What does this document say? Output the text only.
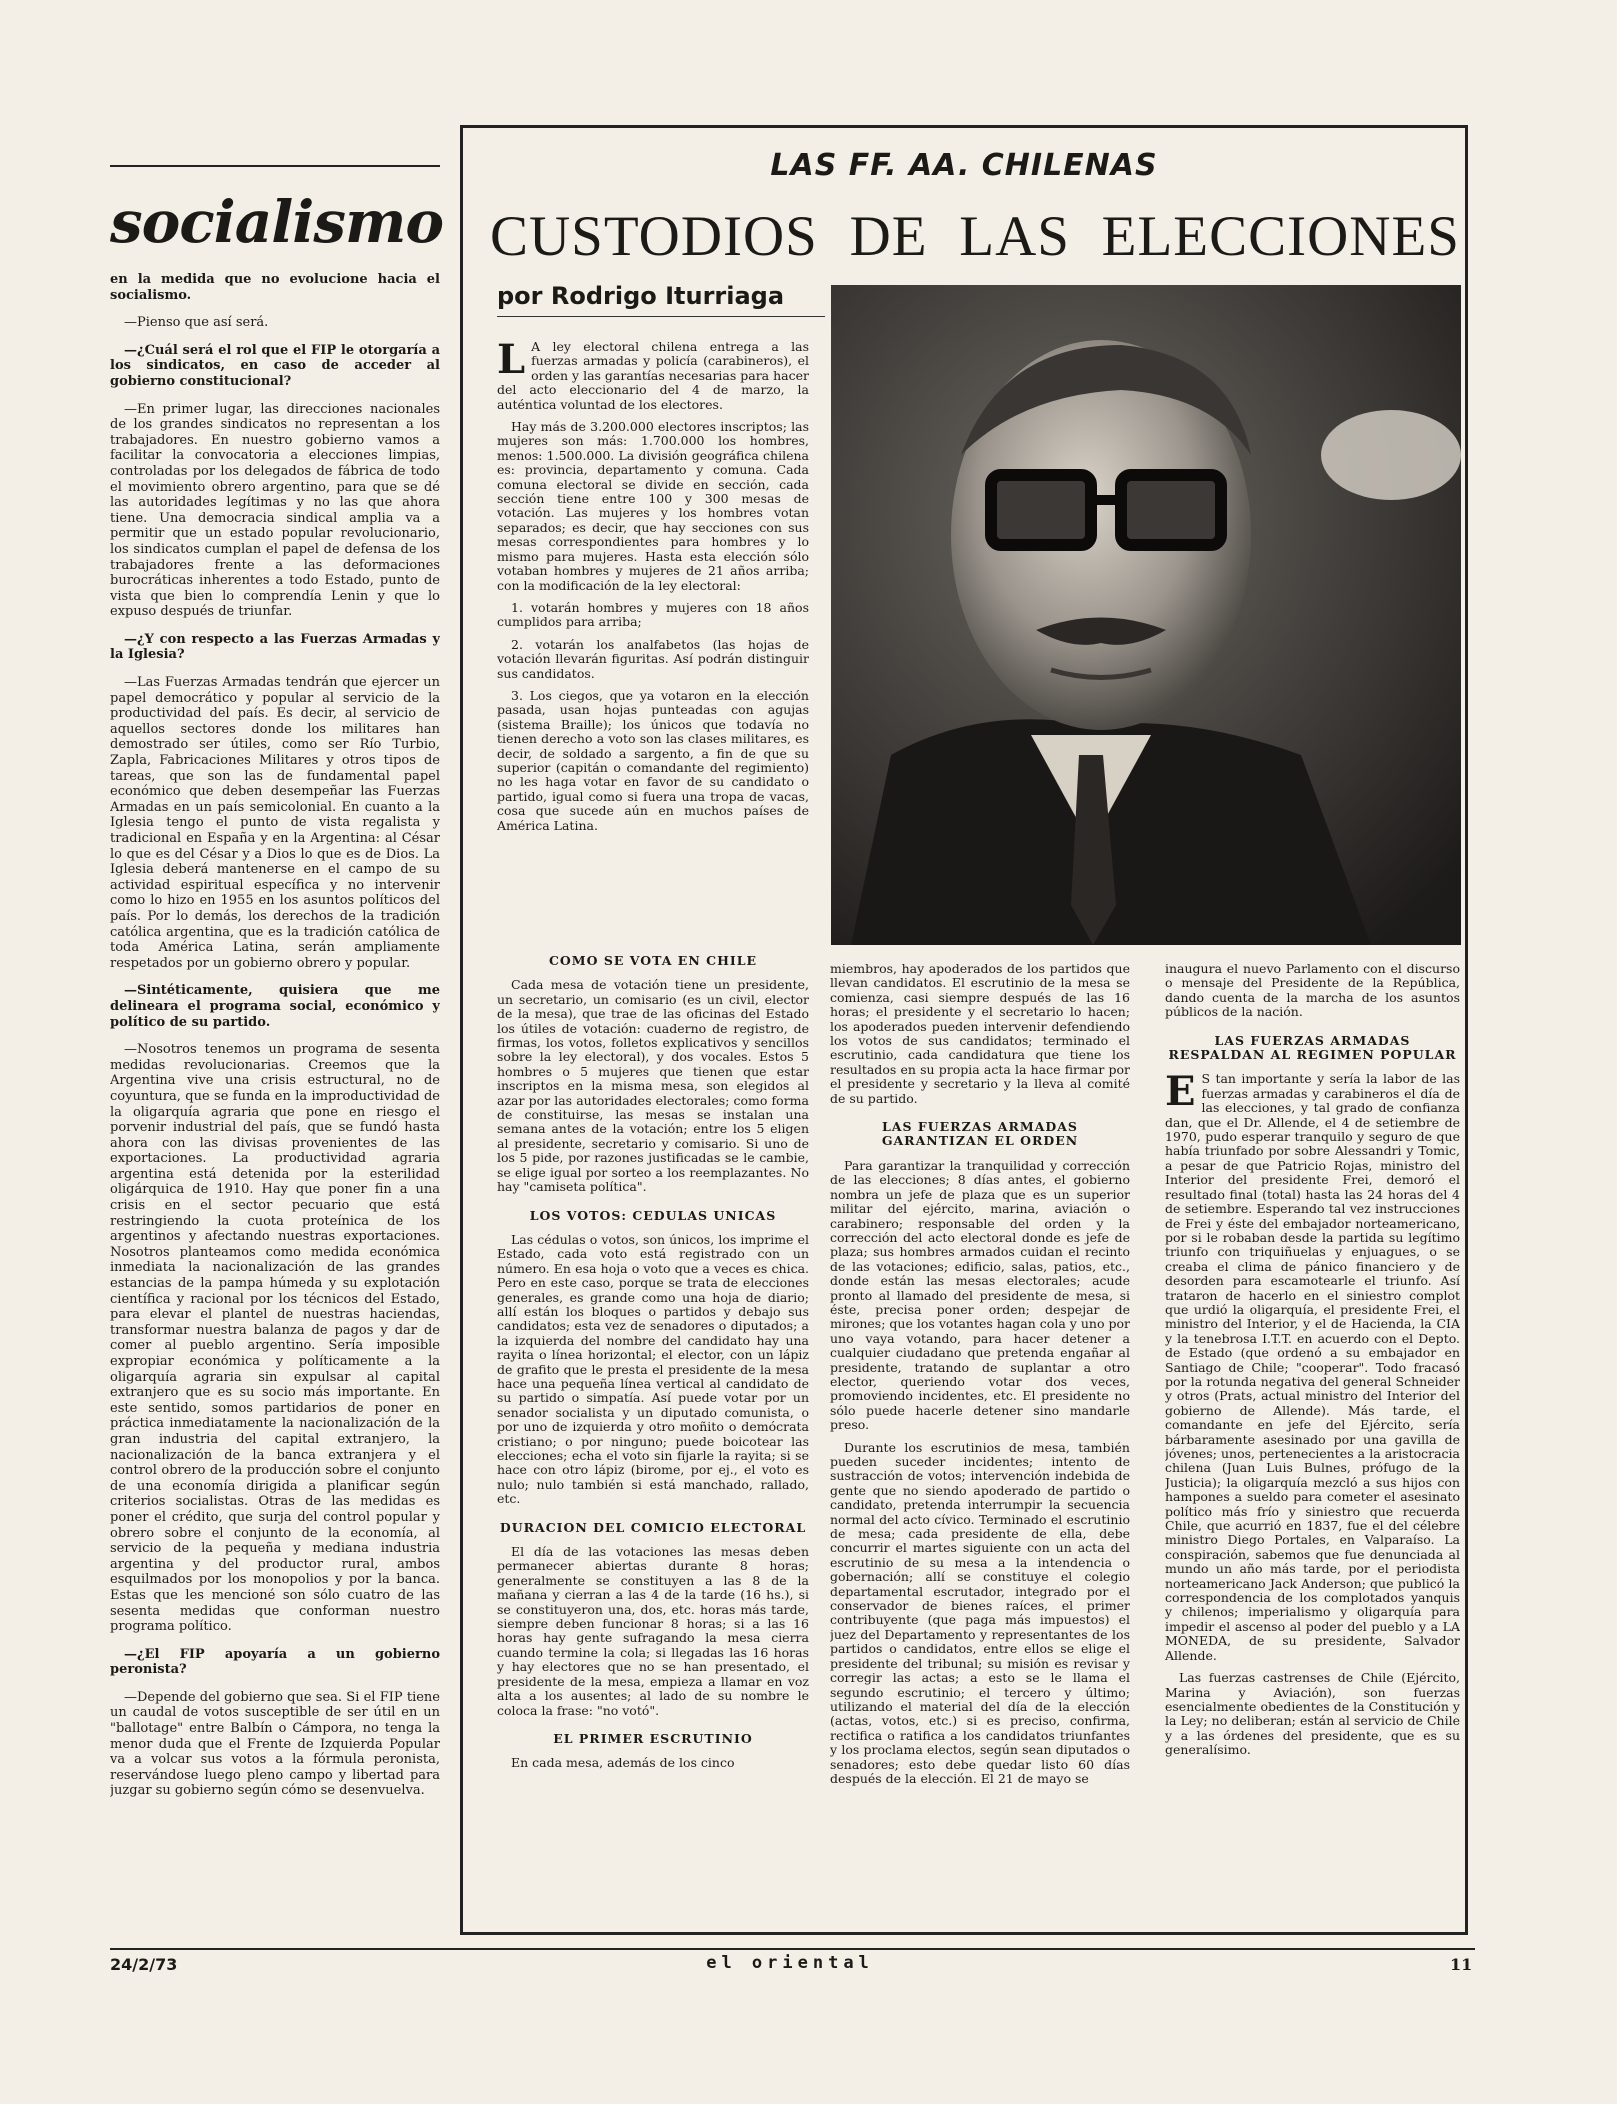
socialismo

en la medida que no evolucione hacia el socialismo.

—Pienso que así será.

—¿Cuál será el rol que el FIP le otorgaría a los sindicatos, en caso de acceder al gobierno constitucional?

—En primer lugar, las direcciones nacionales de los grandes sindicatos no representan a los trabajadores. En nuestro gobierno vamos a facilitar la convocatoria a elecciones limpias, controladas por los delegados de fábrica de todo el movimiento obrero argentino, para que se dé las autoridades legítimas y no las que ahora tiene. Una democracia sindical amplia va a permitir que un estado popular revolucionario, los sindicatos cumplan el papel de defensa de los trabajadores frente a las deformaciones burocráticas inherentes a todo Estado, punto de vista que bien lo comprendía Lenin y que lo expuso después de triunfar.

—¿Y con respecto a las Fuerzas Armadas y la Iglesia?

—Las Fuerzas Armadas tendrán que ejercer un papel democrático y popular al servicio de la productividad del país. Es decir, al servicio de aquellos sectores donde los militares han demostrado ser útiles, como ser Río Turbio, Zapla, Fabricaciones Militares y otros tipos de tareas, que son las de fundamental papel económico que deben desempeñar las Fuerzas Armadas en un país semicolonial. En cuanto a la Iglesia tengo el punto de vista regalista y tradicional en España y en la Argentina: al César lo que es del César y a Dios lo que es de Dios. La Iglesia deberá mantenerse en el campo de su actividad espiritual específica y no intervenir como lo hizo en 1955 en los asuntos políticos del país. Por lo demás, los derechos de la tradición católica argentina, que es la tradición católica de toda América Latina, serán ampliamente respetados por un gobierno obrero y popular.

—Sintéticamente, quisiera que me delineara el programa social, económico y político de su partido.

—Nosotros tenemos un programa de sesenta medidas revolucionarias. Creemos que la Argentina vive una crisis estructural, no de coyuntura, que se funda en la improductividad de la oligarquía agraria que pone en riesgo el porvenir industrial del país, que se fundó hasta ahora con las divisas provenientes de las exportaciones. La productividad agraria argentina está detenida por la esterilidad oligárquica de 1910. Hay que poner fin a una crisis en el sector pecuario que está restringiendo la cuota proteínica de los argentinos y afectando nuestras exportaciones. Nosotros planteamos como medida económica inmediata la nacionalización de las grandes estancias de la pampa húmeda y su explotación científica y racional por los técnicos del Estado, para elevar el plantel de nuestras haciendas, transformar nuestra balanza de pagos y dar de comer al pueblo argentino. Sería imposible expropiar económica y políticamente a la oligarquía agraria sin expulsar al capital extranjero que es su socio más importante. En este sentido, somos partidarios de poner en práctica inmediatamente la nacionalización de la gran industria del capital extranjero, la nacionalización de la banca extranjera y el control obrero de la producción sobre el conjunto de una economía dirigida a planificar según criterios socialistas. Otras de las medidas es poner el crédito, que surja del control popular y obrero sobre el conjunto de la economía, al servicio de la pequeña y mediana industria argentina y del productor rural, ambos esquilmados por los monopolios y por la banca. Estas que les mencioné son sólo cuatro de las sesenta medidas que conforman nuestro programa político.

—¿El FIP apoyaría a un gobierno peronista?

—Depende del gobierno que sea. Si el FIP tiene un caudal de votos susceptible de ser útil en un "ballotage" entre Balbín o Cámpora, no tenga la menor duda que el Frente de Izquierda Popular va a volcar sus votos a la fórmula peronista, reservándose luego pleno campo y libertad para juzgar su gobierno según cómo se desenvuelva.

LAS FF. AA. CHILENAS
CUSTODIOS DE LAS ELECCIONES
por Rodrigo Iturriaga

L A ley electoral chilena entrega a las fuerzas armadas y policía (carabineros), el orden y las garantías necesarias para hacer del acto eleccionario del 4 de marzo, la auténtica voluntad de los electores.

Hay más de 3.200.000 electores inscriptos; las mujeres son más: 1.700.000 los hombres, menos: 1.500.000. La división geográfica chilena es: provincia, departamento y comuna. Cada comuna electoral se divide en sección, cada sección tiene entre 100 y 300 mesas de votación. Las mujeres y los hombres votan separados; es decir, que hay secciones con sus mesas correspondientes para hombres y lo mismo para mujeres. Hasta esta elección sólo votaban hombres y mujeres de 21 años arriba; con la modificación de la ley electoral:

1. votarán hombres y mujeres con 18 años cumplidos para arriba;

2. votarán los analfabetos (las hojas de votación llevarán figuritas. Así podrán distinguir sus candidatos.

3. Los ciegos, que ya votaron en la elección pasada, usan hojas punteadas con agujas (sistema Braille); los únicos que todavía no tienen derecho a voto son las clases militares, es decir, de soldado a sargento, a fin de que su superior (capitán o comandante del regimiento) no les haga votar en favor de su candidato o partido, igual como si fuera una tropa de vacas, cosa que sucede aún en muchos países de América Latina.

COMO SE VOTA EN CHILE

Cada mesa de votación tiene un presidente, un secretario, un comisario (es un civil, elector de la mesa), que trae de las oficinas del Estado los útiles de votación: cuaderno de registro, de firmas, los votos, folletos explicativos y sencillos sobre la ley electoral), y dos vocales. Estos 5 hombres o 5 mujeres que tienen que estar inscriptos en la misma mesa, son elegidos al azar por las autoridades electorales; como forma de constituirse, las mesas se instalan una semana antes de la votación; entre los 5 eligen al presidente, secretario y comisario. Si uno de los 5 pide, por razones justificadas se le cambie, se elige igual por sorteo a los reemplazantes. No hay "camiseta política".

LOS VOTOS: CEDULAS UNICAS

Las cédulas o votos, son únicos, los imprime el Estado, cada voto está registrado con un número. En esa hoja o voto que a veces es chica. Pero en este caso, porque se trata de elecciones generales, es grande como una hoja de diario; allí están los bloques o partidos y debajo sus candidatos; esta vez de senadores o diputados; a la izquierda del nombre del candidato hay una rayita o línea horizontal; el elector, con un lápiz de grafito que le presta el presidente de la mesa hace una pequeña línea vertical al candidato de su partido o simpatía. Así puede votar por un senador socialista y un diputado comunista, o por uno de izquierda y otro moñito o demócrata cristiano; o por ninguno; puede boicotear las elecciones; echa el voto sin fijarle la rayita; si se hace con otro lápiz (birome, por ej., el voto es nulo; nulo también si está manchado, rallado, etc.

DURACION DEL COMICIO ELECTORAL

El día de las votaciones las mesas deben permanecer abiertas durante 8 horas; generalmente se constituyen a las 8 de la mañana y cierran a las 4 de la tarde (16 hs.), si se constituyeron una, dos, etc. horas más tarde, siempre deben funcionar 8 horas; si a las 16 horas hay gente sufragando la mesa cierra cuando termine la cola; si llegadas las 16 horas y hay electores que no se han presentado, el presidente de la mesa, empieza a llamar en voz alta a los ausentes; al lado de su nombre le coloca la frase: "no votó".

EL PRIMER ESCRUTINIO

En cada mesa, además de los cinco

miembros, hay apoderados de los partidos que llevan candidatos. El escrutinio de la mesa se comienza, casi siempre después de las 16 horas; el presidente y el secretario lo hacen; los apoderados pueden intervenir defendiendo los votos de sus candidatos; terminado el escrutinio, cada candidatura que tiene los resultados en su propia acta la hace firmar por el presidente y secretario y la lleva al comité de su partido.

LAS FUERZAS ARMADAS GARANTIZAN EL ORDEN

Para garantizar la tranquilidad y corrección de las elecciones; 8 días antes, el gobierno nombra un jefe de plaza que es un superior militar del ejército, marina, aviación o carabinero; responsable del orden y la corrección del acto electoral donde es jefe de plaza; sus hombres armados cuidan el recinto de las votaciones; edificio, salas, patios, etc., donde están las mesas electorales; acude pronto al llamado del presidente de mesa, si éste, precisa poner orden; despejar de mirones; que los votantes hagan cola y uno por uno vaya votando, para hacer detener a cualquier ciudadano que pretenda engañar al presidente, tratando de suplantar a otro elector, queriendo votar dos veces, promoviendo incidentes, etc. El presidente no sólo puede hacerle detener sino mandarle preso.

Durante los escrutinios de mesa, también pueden suceder incidentes; intento de sustracción de votos; intervención indebida de gente que no siendo apoderado de partido o candidato, pretenda interrumpir la secuencia normal del acto cívico. Terminado el escrutinio de mesa; cada presidente de ella, debe concurrir el martes siguiente con un acta del escrutinio de su mesa a la intendencia o gobernación; allí se constituye el colegio departamental escrutador, integrado por el conservador de bienes raíces, el primer contribuyente (que paga más impuestos) el juez del Departamento y representantes de los partidos o candidatos, entre ellos se elige el presidente del tribunal; su misión es revisar y corregir las actas; a esto se le llama el segundo escrutinio; el tercero y último; utilizando el material del día de la elección (actas, votos, etc.) si es preciso, confirma, rectifica o ratifica a los candidatos triunfantes y los proclama electos, según sean diputados o senadores; esto debe quedar listo 60 días después de la elección. El 21 de mayo se

inaugura el nuevo Parlamento con el discurso o mensaje del Presidente de la República, dando cuenta de la marcha de los asuntos públicos de la nación.

LAS FUERZAS ARMADAS RESPALDAN AL REGIMEN POPULAR

E S tan importante y sería la labor de las fuerzas armadas y carabineros el día de las elecciones, y tal grado de confianza dan, que el Dr. Allende, el 4 de setiembre de 1970, pudo esperar tranquilo y seguro de que había triunfado por sobre Alessandri y Tomic, a pesar de que Patricio Rojas, ministro del Interior del presidente Frei, demoró el resultado final (total) hasta las 24 horas del 4 de setiembre. Esperando tal vez instrucciones de Frei y éste del embajador norteamericano, por si le robaban desde la partida su legítimo triunfo con triquiñuelas y enjuagues, o se creaba el clima de pánico financiero y de desorden para escamotearle el triunfo. Así trataron de hacerlo en el siniestro complot que urdió la oligarquía, el presidente Frei, el ministro del Interior, y el de Hacienda, la CIA y la tenebrosa I.T.T. en acuerdo con el Depto. de Estado (que ordenó a su embajador en Santiago de Chile; "cooperar". Todo fracasó por la rotunda negativa del general Schneider y otros (Prats, actual ministro del Interior del gobierno de Allende). Más tarde, el comandante en jefe del Ejército, sería bárbaramente asesinado por una gavilla de jóvenes; unos, pertenecientes a la aristocracia chilena (Juan Luis Bulnes, prófugo de la Justicia); la oligarquía mezcló a sus hijos con hampones a sueldo para cometer el asesinato político más frío y siniestro que recuerda Chile, que acurrió en 1837, fue el del célebre ministro Diego Portales, en Valparaíso. La conspiración, sabemos que fue denunciada al mundo un año más tarde, por el periodista norteamericano Jack Anderson; que publicó la correspondencia de los complotados yanquis y chilenos; imperialismo y oligarquía para impedir el ascenso al poder del pueblo y a LA MONEDA, de su presidente, Salvador Allende.

Las fuerzas castrenses de Chile (Ejército, Marina y Aviación), son fuerzas esencialmente obedientes de la Constitución y la Ley; no deliberan; están al servicio de Chile y a las órdenes del presidente, que es su generalísimo.

24/2/73	el oriental	11
